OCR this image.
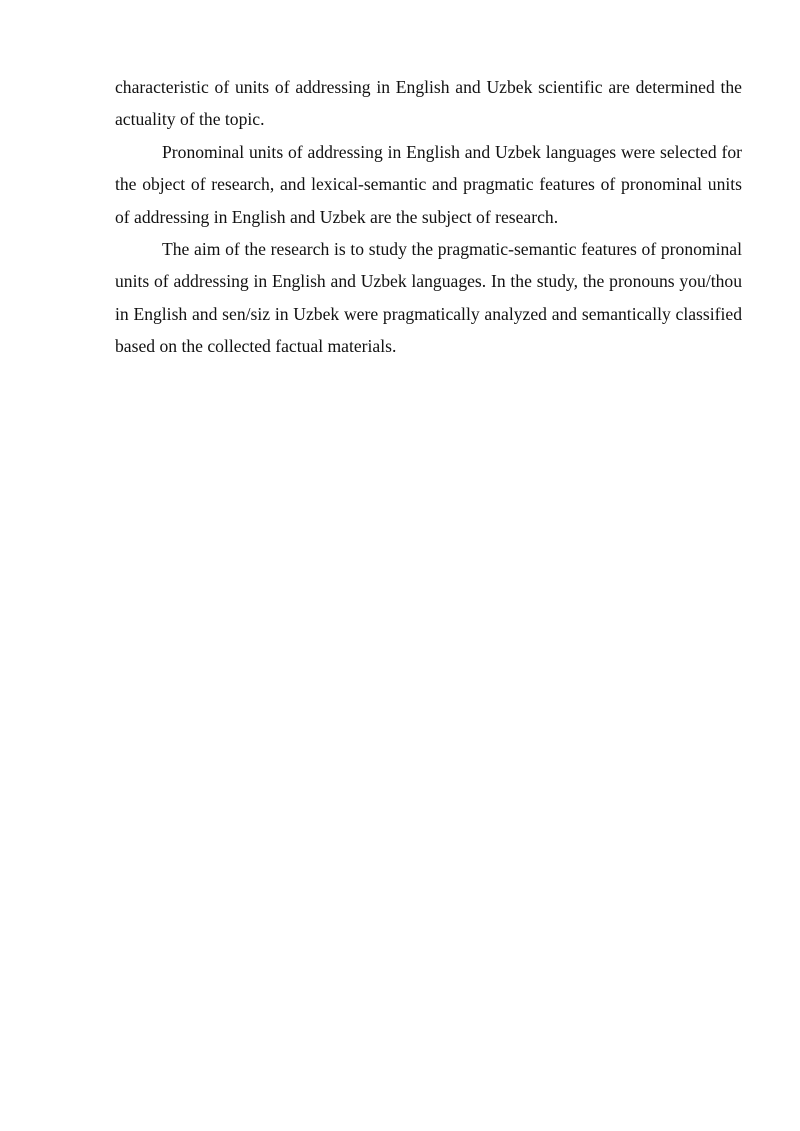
characteristic of units of addressing in English and Uzbek scientific are determined the actuality of the topic.

Pronominal units of addressing in English and Uzbek languages were selected for the object of research, and lexical-semantic and pragmatic features of pronominal units of addressing in English and Uzbek are the subject of research.

The aim of the research is to study the pragmatic-semantic features of pronominal units of addressing in English and Uzbek languages. In the study, the pronouns you/thou in English and sen/siz in Uzbek were pragmatically analyzed and semantically classified based on the collected factual materials.
